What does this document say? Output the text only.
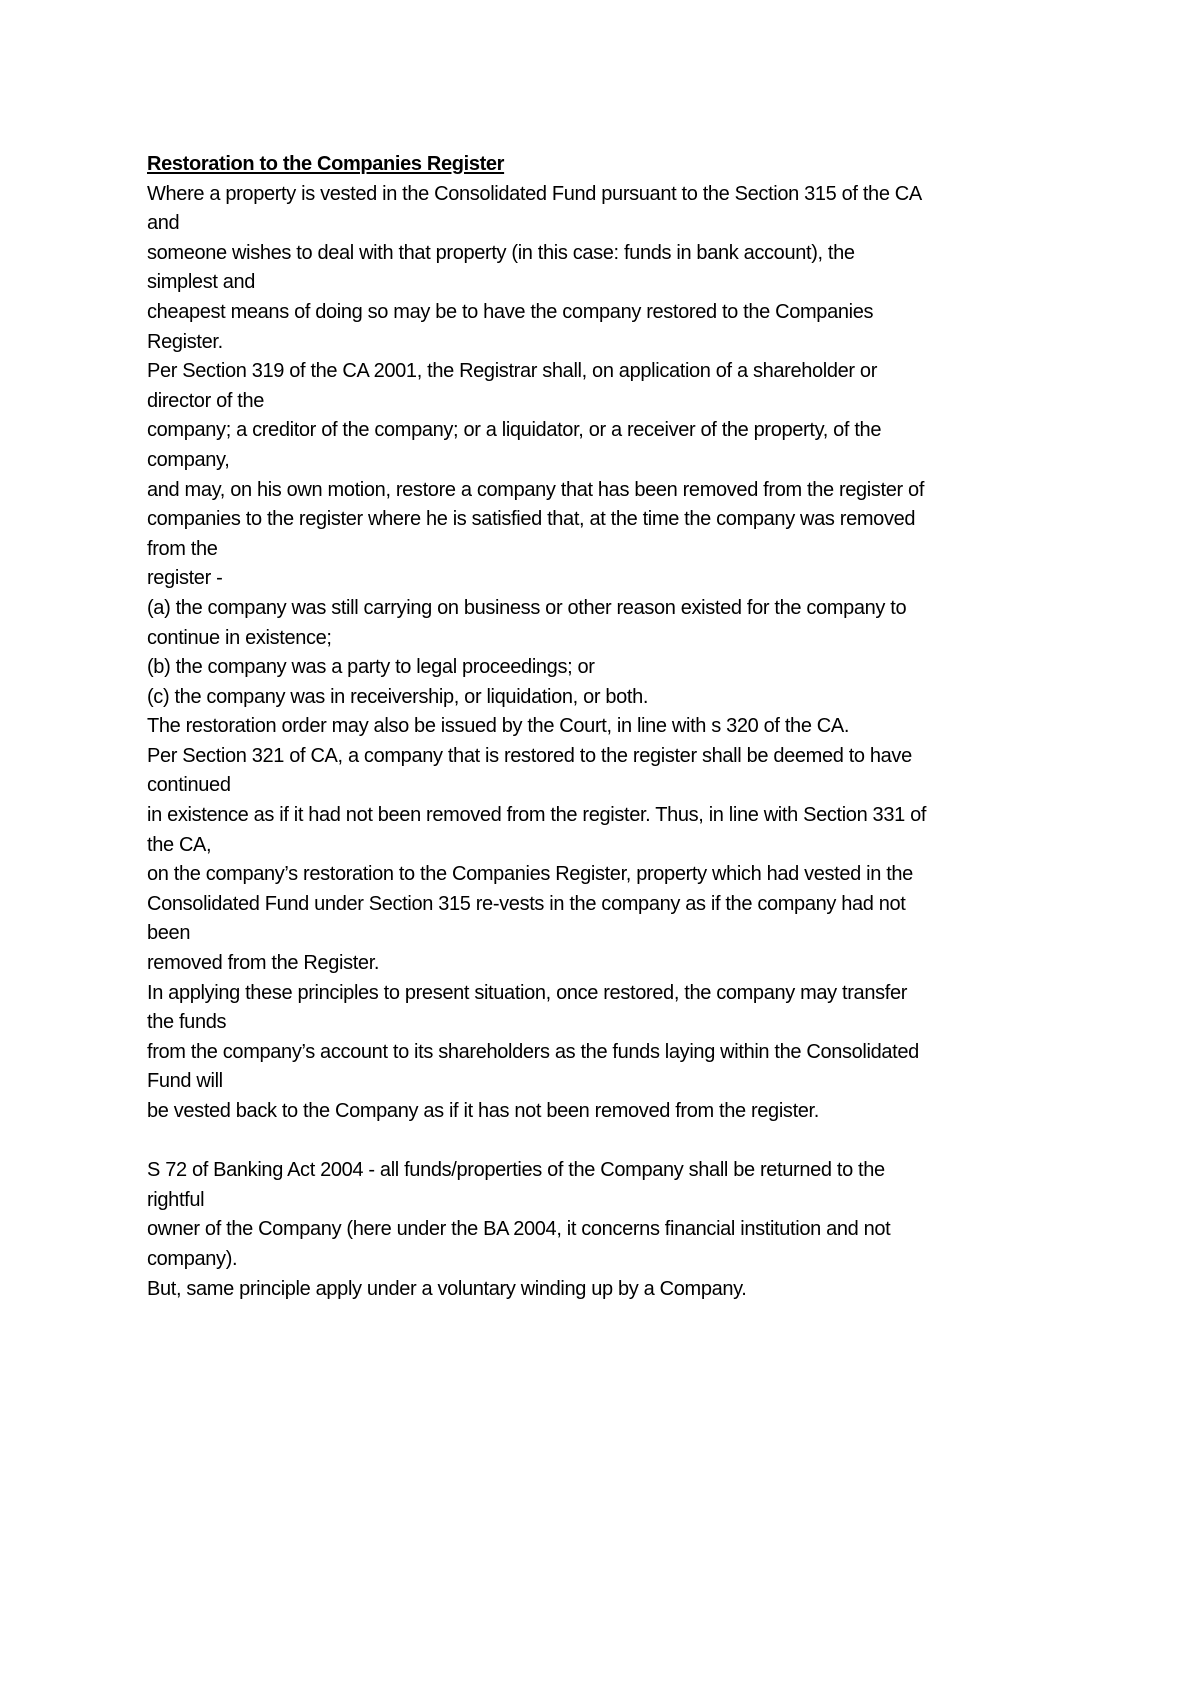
Restoration to the Companies Register
Where a property is vested in the Consolidated Fund pursuant to the Section 315 of the CA
and
someone wishes to deal with that property (in this case: funds in bank account), the
simplest and
cheapest means of doing so may be to have the company restored to the Companies
Register.
Per Section 319 of the CA 2001, the Registrar shall, on application of a shareholder or
director of the
company; a creditor of the company; or a liquidator, or a receiver of the property, of the
company,
and may, on his own motion, restore a company that has been removed from the register of
companies to the register where he is satisfied that, at the time the company was removed
from the
register -
(a) the company was still carrying on business or other reason existed for the company to
continue in existence;
(b) the company was a party to legal proceedings; or
(c) the company was in receivership, or liquidation, or both.
The restoration order may also be issued by the Court, in line with s 320 of the CA.
Per Section 321 of CA, a company that is restored to the register shall be deemed to have
continued
in existence as if it had not been removed from the register. Thus, in line with Section 331 of
the CA,
on the company’s restoration to the Companies Register, property which had vested in the
Consolidated Fund under Section 315 re-vests in the company as if the company had not
been
removed from the Register.
In applying these principles to present situation, once restored, the company may transfer
the funds
from the company’s account to its shareholders as the funds laying within the Consolidated
Fund will
be vested back to the Company as if it has not been removed from the register.
S 72 of Banking Act 2004 - all funds/properties of the Company shall be returned to the
rightful
owner of the Company (here under the BA 2004, it concerns financial institution and not
company).
But, same principle apply under a voluntary winding up by a Company.
